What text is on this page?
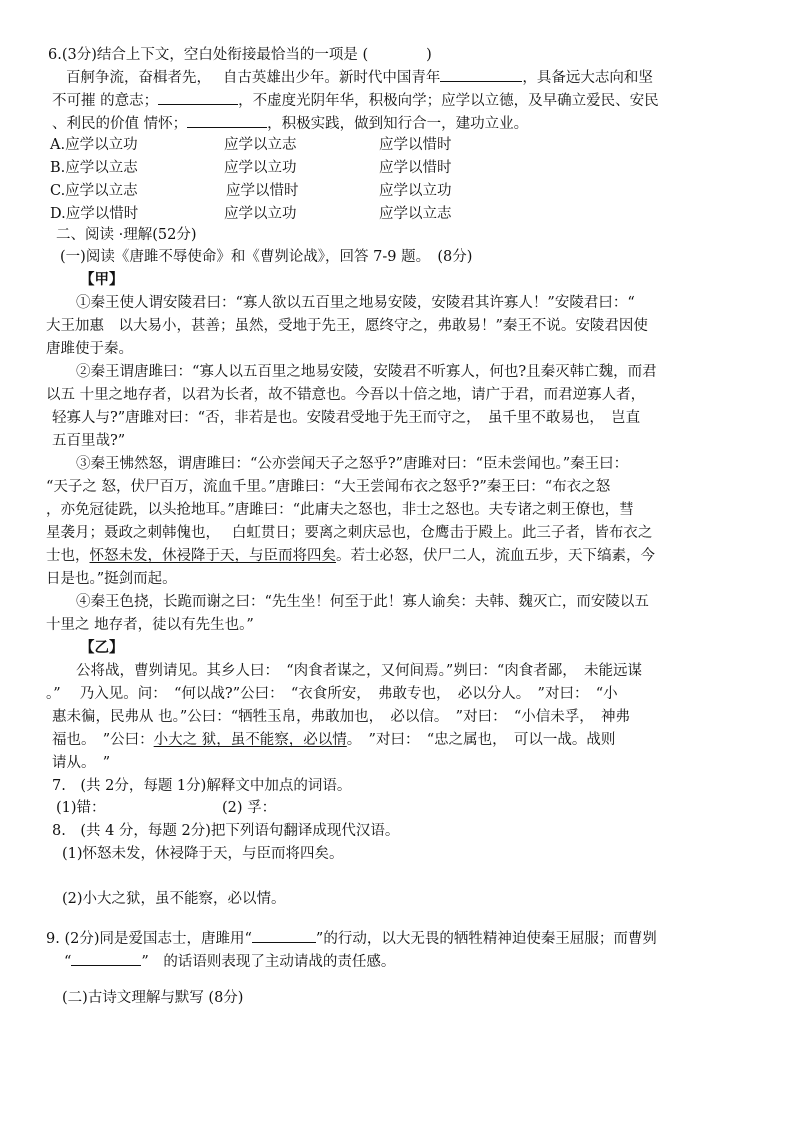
6.(3分)结合上下文，空白处衔接最恰当的一项是 (　　　　)
百舸争流，奋楫者先，　 自古英雄出少年。新时代中国青年	，具备远大志向和坚
不可摧 的意志；	，不虚度光阴年华，积极向学；应学以立德，及早确立爱民、安民
、利民的价值 情怀；	，积极实践，做到知行合一，建功立业。
A.应学以立功	应学以立志	应学以惜时
B.应学以立志	应学以立功	应学以惜时
C.应学以立志	应学以惜时	应学以立功
D.应学以惜时	应学以立功	应学以立志
二、阅读 ·理解(52分)
(一)阅读《唐雎不辱使命》和《曹刿论战》，回答 7-9 题。　(8分)
【甲】
①秦王使人谓安陵君曰：“寡人欲以五百里之地易安陵，安陵君其许寡人！”安陵君曰：“
大王加惠　以大易小，甚善；虽然，受地于先王，愿终守之，弗敢易！”秦王不说。安陵君因使
唐雎使于秦。
②秦王谓唐雎曰：“寡人以五百里之地易安陵，安陵君不听寡人，何也?且秦灭韩亡魏，而君
以五 十里之地存者，以君为长者，故不错意也。今吾以十倍之地，请广于君，而君逆寡人者，
轻寡人与?”唐雎对曰：“否，非若是也。安陵君受地于先王而守之，　虽千里不敢易也，　岂直
五百里哉?”
③秦王怫然怒，谓唐雎曰：“公亦尝闻天子之怒乎?”唐雎对曰：“臣未尝闻也。”秦王曰：
“天子之 怒，伏尸百万，流血千里。”唐雎曰：“大王尝闻布衣之怒乎?”秦王曰：“布衣之怒
，亦免冠徒跣，以头抢地耳。”唐雎曰：“此庸夫之怒也，非士之怒也。夫专诸之刺王僚也，彗
星袭月；聂政之刺韩傀也，　 白虹贯日；要离之刺庆忌也，仓鹰击于殿上。此三子者，皆布衣之
士也，怀怒未发，休祲降于天，与臣而将四矣。若士必怒，伏尸二人，流血五步，天下缟素，今
日是也。”挺剑而起。
④秦王色挠，长跪而谢之曰：“先生坐！何至于此！寡人谕矣：夫韩、魏灭亡，而安陵以五
十里之 地存者，徒以有先生也。”
【乙】
公将战，曹刿请见。其乡人曰：　“肉食者谋之，又何间焉。”刿曰：“肉食者鄙，　未能远谋
。”　 乃入见。问：　“何以战?”公曰：　“衣食所安，　弗敢专也，　必以分人。　”对曰：　“小
惠未徧，民弗从 也。”公曰：“牺牲玉帛，弗敢加也，　必以信。　”对曰：　“小信未孚，　神弗
福也。　”公曰：小大之 狱，虽不能察，必以情。　”对曰：　“忠之属也，　可以一战。战则
请从。　”
7.　(共 2分，每题 1分)解释文中加点的词语。
(1)错：	(2) 孚：
8.　(共 4 分，每题 2分)把下列语句翻译成现代汉语。
(1)怀怒未发，休祲降于天，与臣而将四矣。
(2)小大之狱，虽不能察，必以情。
9. (2分)同是爱国志士，唐雎用“	”的行动，以大无畏的牺牲精神迫使秦王屈服；而曹刿
“	”　的话语则表现了主动请战的责任感。
(二)古诗文理解与默写 (8分)
